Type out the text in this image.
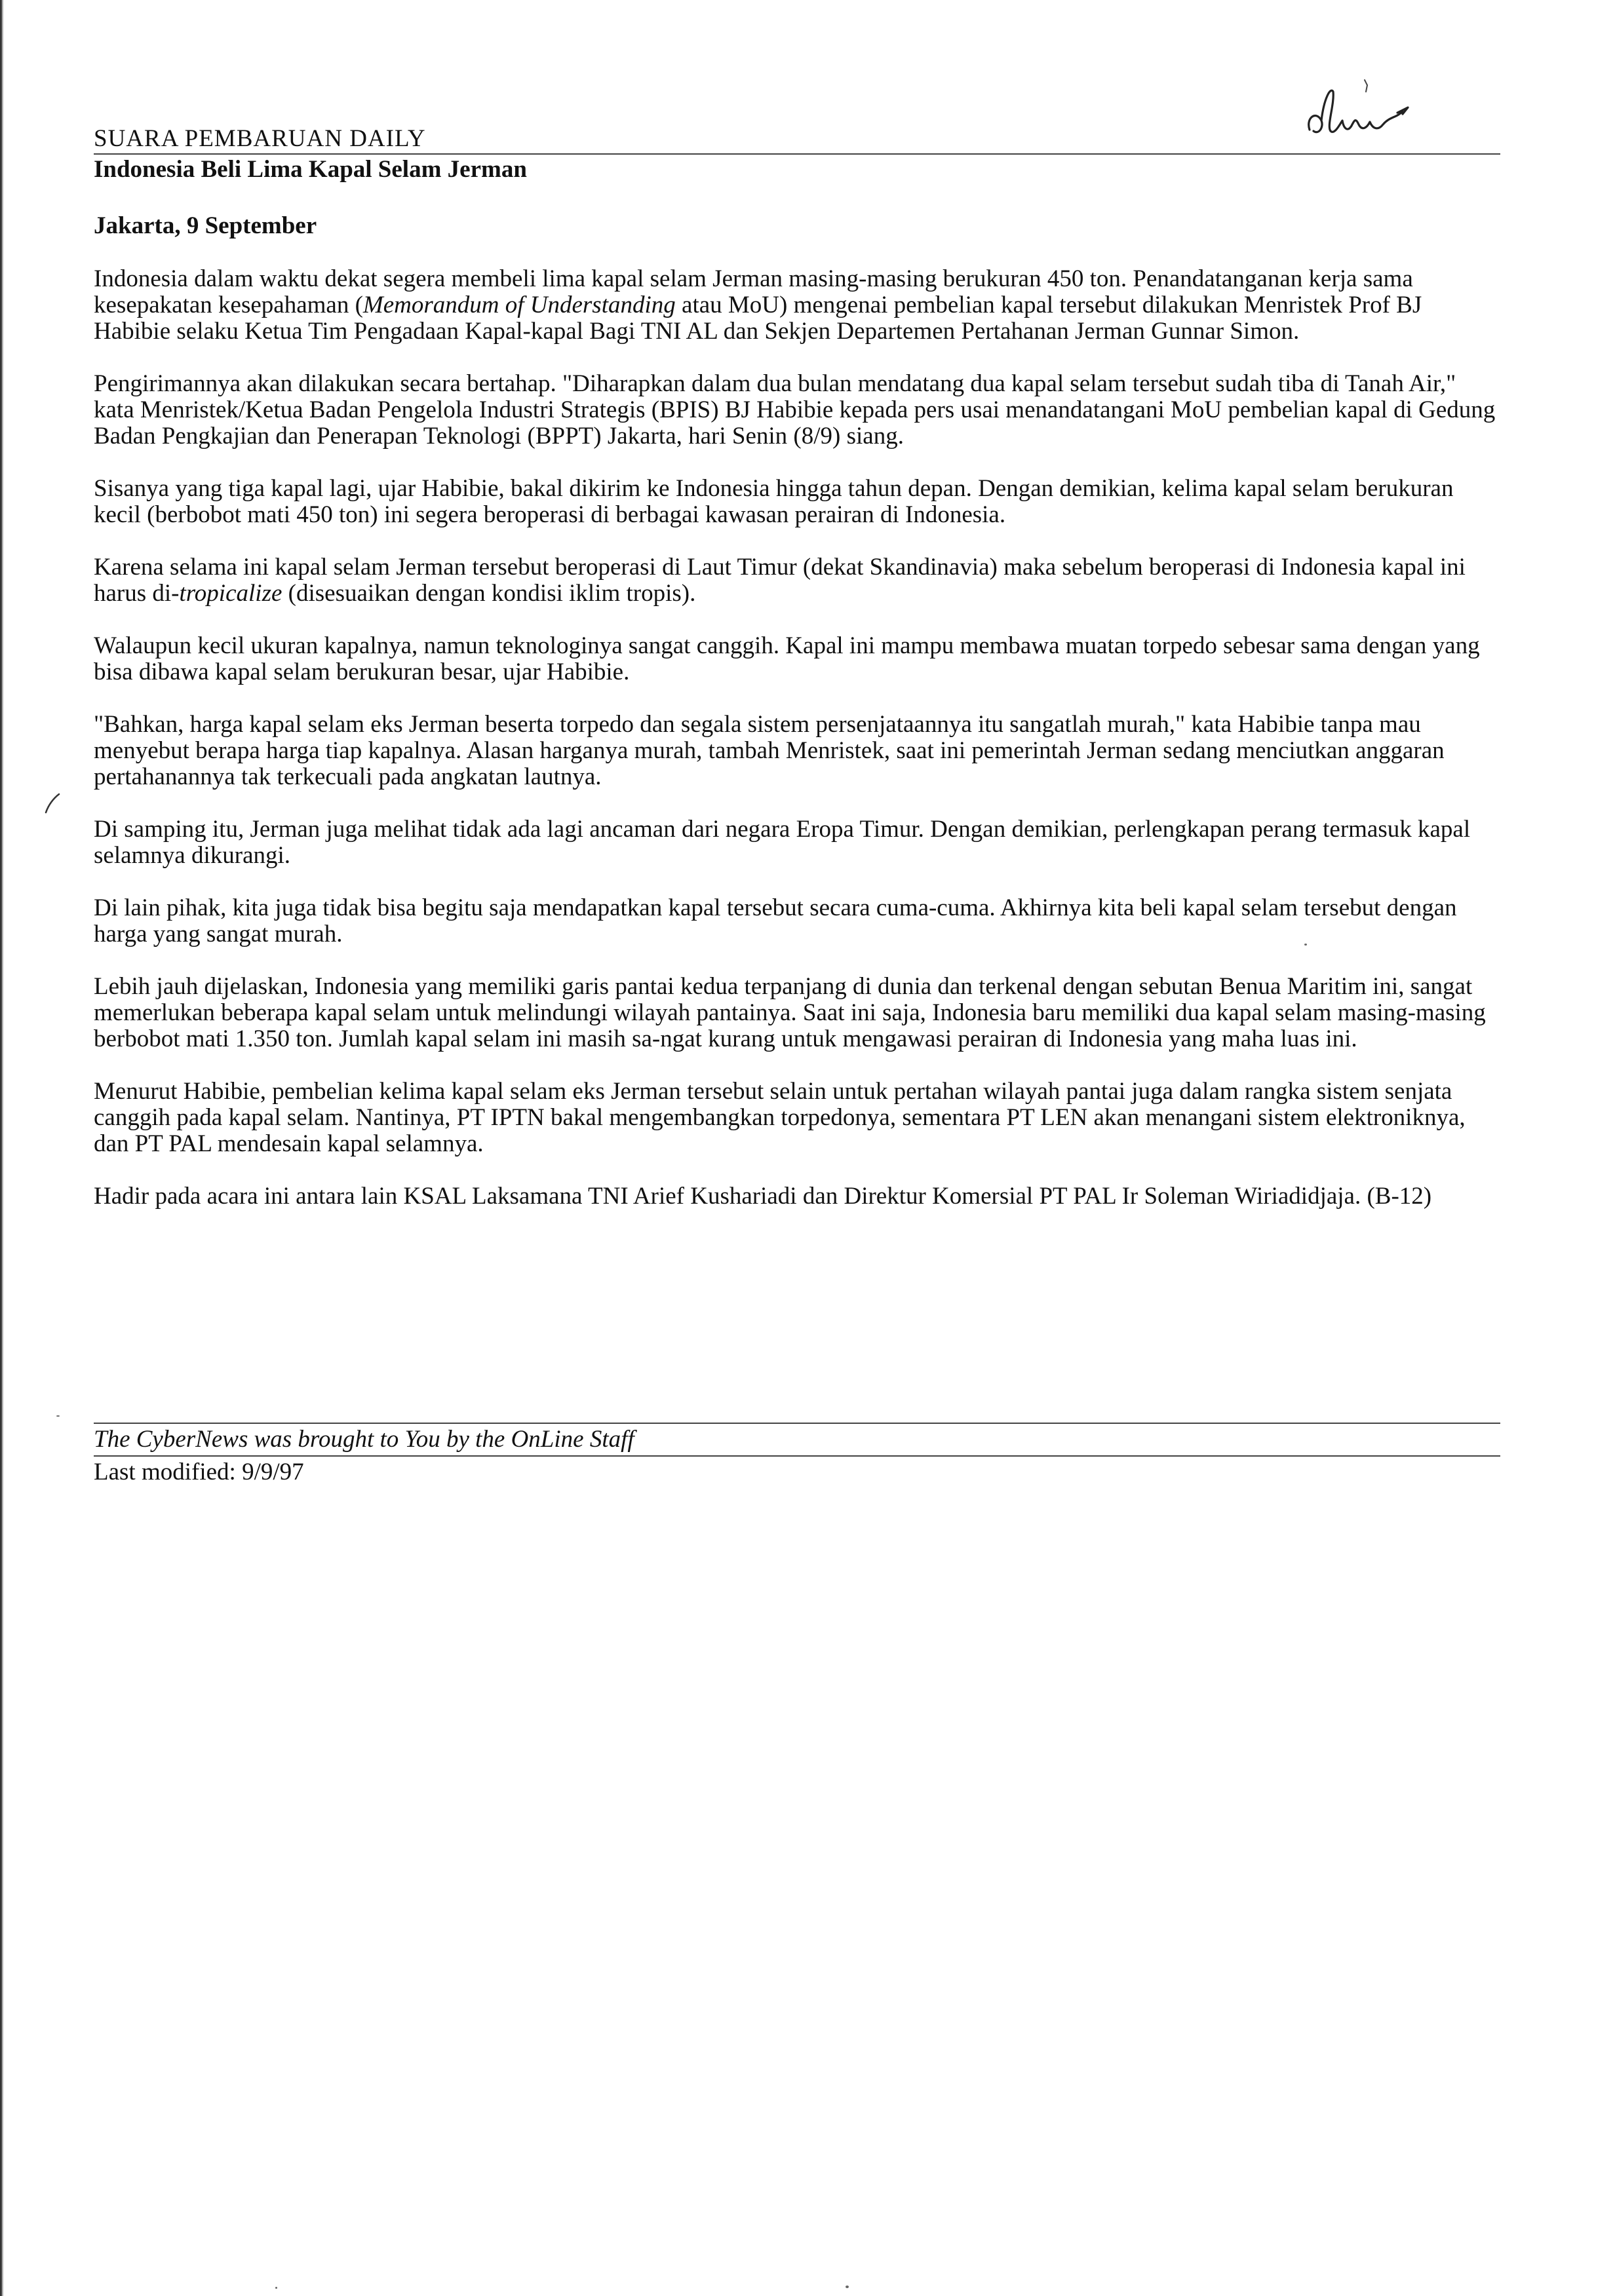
SUARA PEMBARUAN DAILY

Indonesia Beli Lima Kapal Selam Jerman

Jakarta, 9 September

Indonesia dalam waktu dekat segera membeli lima kapal selam Jerman masing-masing berukuran 450 ton. Penandatanganan kerja sama kesepakatan kesepahaman (Memorandum of Understanding atau MoU) mengenai pembelian kapal tersebut dilakukan Menristek Prof BJ Habibie selaku Ketua Tim Pengadaan Kapal-kapal Bagi TNI AL dan Sekjen Departemen Pertahanan Jerman Gunnar Simon.

Pengirimannya akan dilakukan secara bertahap. "Diharapkan dalam dua bulan mendatang dua kapal selam tersebut sudah tiba di Tanah Air," kata Menristek/Ketua Badan Pengelola Industri Strategis (BPIS) BJ Habibie kepada pers usai menandatangani MoU pembelian kapal di Gedung Badan Pengkajian dan Penerapan Teknologi (BPPT) Jakarta, hari Senin (8/9) siang.

Sisanya yang tiga kapal lagi, ujar Habibie, bakal dikirim ke Indonesia hingga tahun depan. Dengan demikian, kelima kapal selam berukuran kecil (berbobot mati 450 ton) ini segera beroperasi di berbagai kawasan perairan di Indonesia.

Karena selama ini kapal selam Jerman tersebut beroperasi di Laut Timur (dekat Skandinavia) maka sebelum beroperasi di Indonesia kapal ini harus di-tropicalize (disesuaikan dengan kondisi iklim tropis).

Walaupun kecil ukuran kapalnya, namun teknologinya sangat canggih. Kapal ini mampu membawa muatan torpedo sebesar sama dengan yang bisa dibawa kapal selam berukuran besar, ujar Habibie.

"Bahkan, harga kapal selam eks Jerman beserta torpedo dan segala sistem persenjataannya itu sangatlah murah," kata Habibie tanpa mau menyebut berapa harga tiap kapalnya. Alasan harganya murah, tambah Menristek, saat ini pemerintah Jerman sedang menciutkan anggaran pertahanannya tak terkecuali pada angkatan lautnya.

Di samping itu, Jerman juga melihat tidak ada lagi ancaman dari negara Eropa Timur. Dengan demikian, perlengkapan perang termasuk kapal selamnya dikurangi.

Di lain pihak, kita juga tidak bisa begitu saja mendapatkan kapal tersebut secara cuma-cuma. Akhirnya kita beli kapal selam tersebut dengan harga yang sangat murah.

Lebih jauh dijelaskan, Indonesia yang memiliki garis pantai kedua terpanjang di dunia dan terkenal dengan sebutan Benua Maritim ini, sangat memerlukan beberapa kapal selam untuk melindungi wilayah pantainya. Saat ini saja, Indonesia baru memiliki dua kapal selam masing-masing berbobot mati 1.350 ton. Jumlah kapal selam ini masih sa-ngat kurang untuk mengawasi perairan di Indonesia yang maha luas ini.

Menurut Habibie, pembelian kelima kapal selam eks Jerman tersebut selain untuk pertahan wilayah pantai juga dalam rangka sistem senjata canggih pada kapal selam. Nantinya, PT IPTN bakal mengembangkan torpedonya, sementara PT LEN akan menangani sistem elektroniknya, dan PT PAL mendesain kapal selamnya.

Hadir pada acara ini antara lain KSAL Laksamana TNI Arief Kushariadi dan Direktur Komersial PT PAL Ir Soleman Wiriadidjaja. (B-12)

The CyberNews was brought to You by the OnLine Staff

Last modified: 9/9/97
